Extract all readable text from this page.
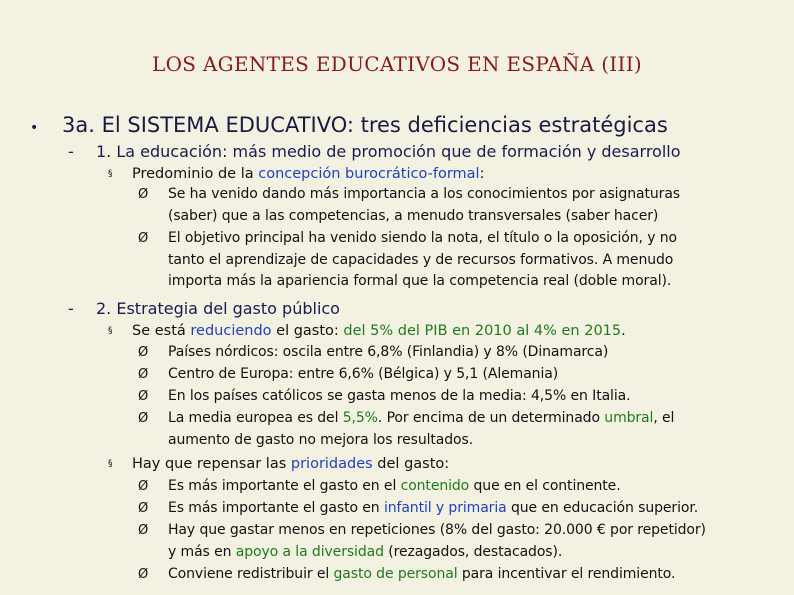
LOS AGENTES EDUCATIVOS EN ESPAÑA (III)
• 3a. El SISTEMA EDUCATIVO: tres deficiencias estratégicas
- 1. La educación: más medio de promoción que de formación y desarrollo
§ Predominio de la concepción burocrático-formal:
Ø Se ha venido dando más importancia a los conocimientos por asignaturas
(saber) que a las competencias, a menudo transversales (saber hacer)
Ø El objetivo principal ha venido siendo la nota, el título o la oposición, y no
tanto el aprendizaje de capacidades y de recursos formativos. A menudo
importa más la apariencia formal que la competencia real (doble moral).
- 2. Estrategia del gasto público
§ Se está reduciendo el gasto: del 5% del PIB en 2010 al 4% en 2015.
Ø Países nórdicos: oscila entre 6,8% (Finlandia) y 8% (Dinamarca)
Ø Centro de Europa: entre 6,6% (Bélgica) y 5,1 (Alemania)
Ø En los países católicos se gasta menos de la media: 4,5% en Italia.
Ø La media europea es del 5,5%. Por encima de un determinado umbral, el
aumento de gasto no mejora los resultados.
§ Hay que repensar las prioridades del gasto:
Ø Es más importante el gasto en el contenido que en el continente.
Ø Es más importante el gasto en infantil y primaria que en educación superior.
Ø Hay que gastar menos en repeticiones (8% del gasto: 20.000 € por repetidor)
y más en apoyo a la diversidad (rezagados, destacados).
Ø Conviene redistribuir el gasto de personal para incentivar el rendimiento.
